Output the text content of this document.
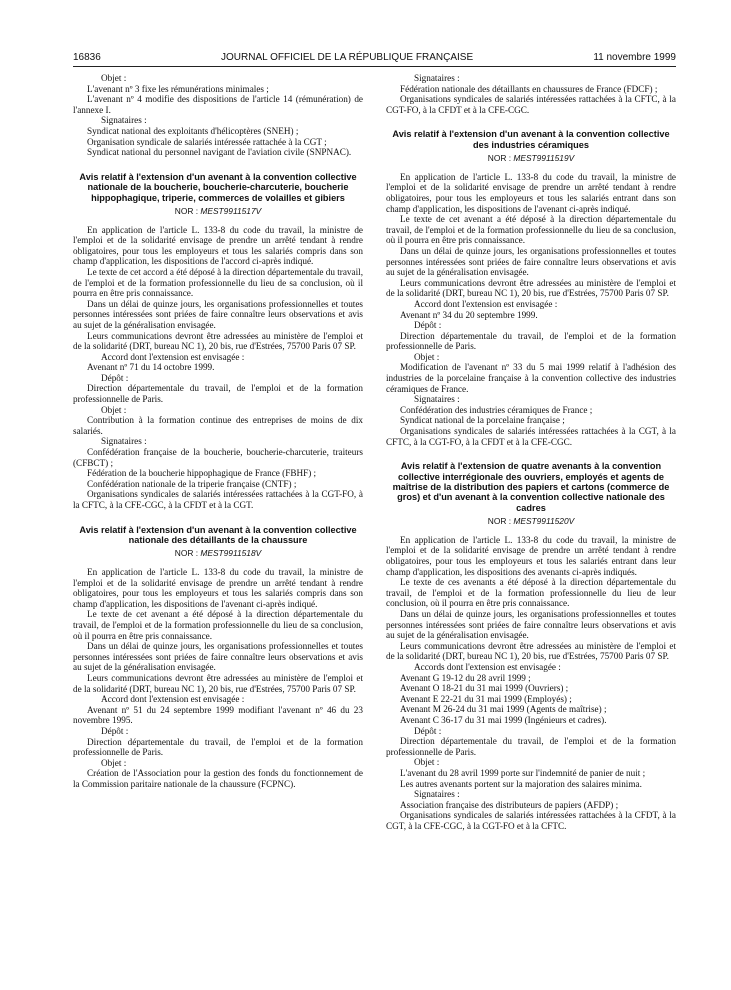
16836	JOURNAL OFFICIEL DE LA RÉPUBLIQUE FRANÇAISE	11 novembre 1999

Objet :

L'avenant nº 3 fixe les rémunérations minimales ;

L'avenant nº 4 modifie des dispositions de l'article 14 (rémunération) de l'annexe I.

Signataires :

Syndicat national des exploitants d'hélicoptères (SNEH) ;

Organisation syndicale de salariés intéressée rattachée à la CGT ;

Syndicat national du personnel navigant de l'aviation civile (SNPNAC).

Avis relatif à l'extension d'un avenant à la convention collective nationale de la boucherie, boucherie-charcuterie, boucherie hippophagique, triperie, commerces de volailles et gibiers
NOR : MEST9911517V

En application de l'article L. 133-8 du code du travail, la ministre de l'emploi et de la solidarité envisage de prendre un arrêté tendant à rendre obligatoires, pour tous les employeurs et tous les salariés compris dans son champ d'application, les dispositions de l'accord ci-après indiqué.

Le texte de cet accord a été déposé à la direction départementale du travail, de l'emploi et de la formation professionnelle du lieu de sa conclusion, où il pourra en être pris connaissance.

Dans un délai de quinze jours, les organisations professionnelles et toutes personnes intéressées sont priées de faire connaître leurs observations et avis au sujet de la généralisation envisagée.

Leurs communications devront être adressées au ministère de l'emploi et de la solidarité (DRT, bureau NC 1), 20 bis, rue d'Estrées, 75700 Paris 07 SP.

Accord dont l'extension est envisagée :

Avenant nº 71 du 14 octobre 1999.

Dépôt :

Direction départementale du travail, de l'emploi et de la formation professionnelle de Paris.

Objet :

Contribution à la formation continue des entreprises de moins de dix salariés.

Signataires :

Confédération française de la boucherie, boucherie-charcuterie, traiteurs (CFBCT) ;

Fédération de la boucherie hippophagique de France (FBHF) ;

Confédération nationale de la triperie française (CNTF) ;

Organisations syndicales de salariés intéressées rattachées à la CGT-FO, à la CFTC, à la CFE-CGC, à la CFDT et à la CGT.

Avis relatif à l'extension d'un avenant à la convention collective nationale des détaillants de la chaussure
NOR : MEST9911518V

En application de l'article L. 133-8 du code du travail, la ministre de l'emploi et de la solidarité envisage de prendre un arrêté tendant à rendre obligatoires, pour tous les employeurs et tous les salariés compris dans son champ d'application, les dispositions de l'avenant ci-après indiqué.

Le texte de cet avenant a été déposé à la direction départementale du travail, de l'emploi et de la formation professionnelle du lieu de sa conclusion, où il pourra en être pris connaissance.

Dans un délai de quinze jours, les organisations professionnelles et toutes personnes intéressées sont priées de faire connaître leurs observations et avis au sujet de la généralisation envisagée.

Leurs communications devront être adressées au ministère de l'emploi et de la solidarité (DRT, bureau NC 1), 20 bis, rue d'Estrées, 75700 Paris 07 SP.

Accord dont l'extension est envisagée :

Avenant nº 51 du 24 septembre 1999 modifiant l'avenant nº 46 du 23 novembre 1995.

Dépôt :

Direction départementale du travail, de l'emploi et de la formation professionnelle de Paris.

Objet :

Création de l'Association pour la gestion des fonds du fonctionnement de la Commission paritaire nationale de la chaussure (FCPNC).

Signataires :

Fédération nationale des détaillants en chaussures de France (FDCF) ;

Organisations syndicales de salariés intéressées rattachées à la CFTC, à la CGT-FO, à la CFDT et à la CFE-CGC.

Avis relatif à l'extension d'un avenant à la convention collective des industries céramiques
NOR : MEST9911519V

En application de l'article L. 133-8 du code du travail, la ministre de l'emploi et de la solidarité envisage de prendre un arrêté tendant à rendre obligatoires, pour tous les employeurs et tous les salariés entrant dans son champ d'application, les dispositions de l'avenant ci-après indiqué.

Le texte de cet avenant a été déposé à la direction départementale du travail, de l'emploi et de la formation professionnelle du lieu de sa conclusion, où il pourra en être pris connaissance.

Dans un délai de quinze jours, les organisations professionnelles et toutes personnes intéressées sont priées de faire connaître leurs observations et avis au sujet de la généralisation envisagée.

Leurs communications devront être adressées au ministère de l'emploi et de la solidarité (DRT, bureau NC 1), 20 bis, rue d'Estrées, 75700 Paris 07 SP.

Accord dont l'extension est envisagée :

Avenant nº 34 du 20 septembre 1999.

Dépôt :

Direction départementale du travail, de l'emploi et de la formation professionnelle de Paris.

Objet :

Modification de l'avenant nº 33 du 5 mai 1999 relatif à l'adhésion des industries de la porcelaine française à la convention collective des industries céramiques de France.

Signataires :

Confédération des industries céramiques de France ;

Syndicat national de la porcelaine française ;

Organisations syndicales de salariés intéressées rattachées à la CGT, à la CFTC, à la CGT-FO, à la CFDT et à la CFE-CGC.

Avis relatif à l'extension de quatre avenants à la convention collective interrégionale des ouvriers, employés et agents de maîtrise de la distribution des papiers et cartons (commerce de gros) et d'un avenant à la convention collective nationale des cadres
NOR : MEST9911520V

En application de l'article L. 133-8 du code du travail, la ministre de l'emploi et de la solidarité envisage de prendre un arrêté tendant à rendre obligatoires, pour tous les employeurs et tous les salariés entrant dans leur champ d'application, les dispositions des avenants ci-après indiqués.

Le texte de ces avenants a été déposé à la direction départementale du travail, de l'emploi et de la formation professionnelle du lieu de leur conclusion, où il pourra en être pris connaissance.

Dans un délai de quinze jours, les organisations professionnelles et toutes personnes intéressées sont priées de faire connaître leurs observations et avis au sujet de la généralisation envisagée.

Leurs communications devront être adressées au ministère de l'emploi et de la solidarité (DRT, bureau NC 1), 20 bis, rue d'Estrées, 75700 Paris 07 SP.

Accords dont l'extension est envisagée :

Avenant G 19-12 du 28 avril 1999 ;

Avenant O 18-21 du 31 mai 1999 (Ouvriers) ;

Avenant E 22-21 du 31 mai 1999 (Employés) ;

Avenant M 26-24 du 31 mai 1999 (Agents de maîtrise) ;

Avenant C 36-17 du 31 mai 1999 (Ingénieurs et cadres).

Dépôt :

Direction départementale du travail, de l'emploi et de la formation professionnelle de Paris.

Objet :

L'avenant du 28 avril 1999 porte sur l'indemnité de panier de nuit ;

Les autres avenants portent sur la majoration des salaires minima.

Signataires :

Association française des distributeurs de papiers (AFDP) ;

Organisations syndicales de salariés intéressées rattachées à la CFDT, à la CGT, à la CFE-CGC, à la CGT-FO et à la CFTC.
